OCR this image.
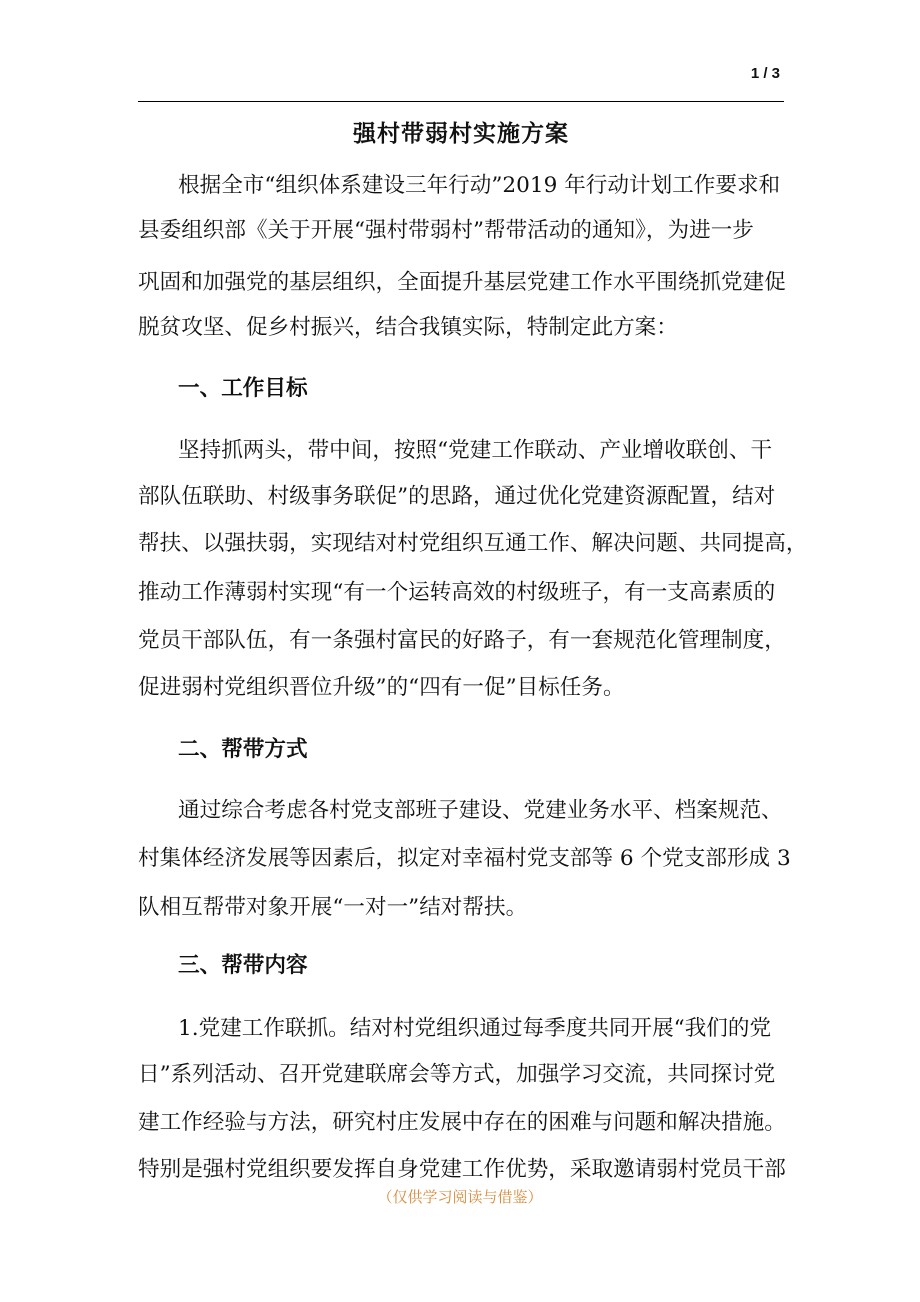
1 / 3
强村带弱村实施方案
根据全市“组织体系建设三年行动”2019 年行动计划工作要求和
县委组织部《关于开展“强村带弱村”帮带活动的通知》，为进一步
巩固和加强党的基层组织，全面提升基层党建工作水平围绕抓党建促
脱贫攻坚、促乡村振兴，结合我镇实际，特制定此方案：
一、工作目标
坚持抓两头，带中间，按照“党建工作联动、产业增收联创、干
部队伍联助、村级事务联促”的思路，通过优化党建资源配置，结对
帮扶、以强扶弱，实现结对村党组织互通工作、解决问题、共同提高，
推动工作薄弱村实现“有一个运转高效的村级班子，有一支高素质的
党员干部队伍，有一条强村富民的好路子，有一套规范化管理制度，
促进弱村党组织晋位升级”的“四有一促”目标任务。
二、帮带方式
通过综合考虑各村党支部班子建设、党建业务水平、档案规范、
村集体经济发展等因素后，拟定对幸福村党支部等 6 个党支部形成 3
队相互帮带对象开展“一对一”结对帮扶。
三、帮带内容
1.党建工作联抓。结对村党组织通过每季度共同开展“我们的党
日”系列活动、召开党建联席会等方式，加强学习交流，共同探讨党
建工作经验与方法，研究村庄发展中存在的困难与问题和解决措施。
特别是强村党组织要发挥自身党建工作优势，采取邀请弱村党员干部
（仅供学习阅读与借鉴）
